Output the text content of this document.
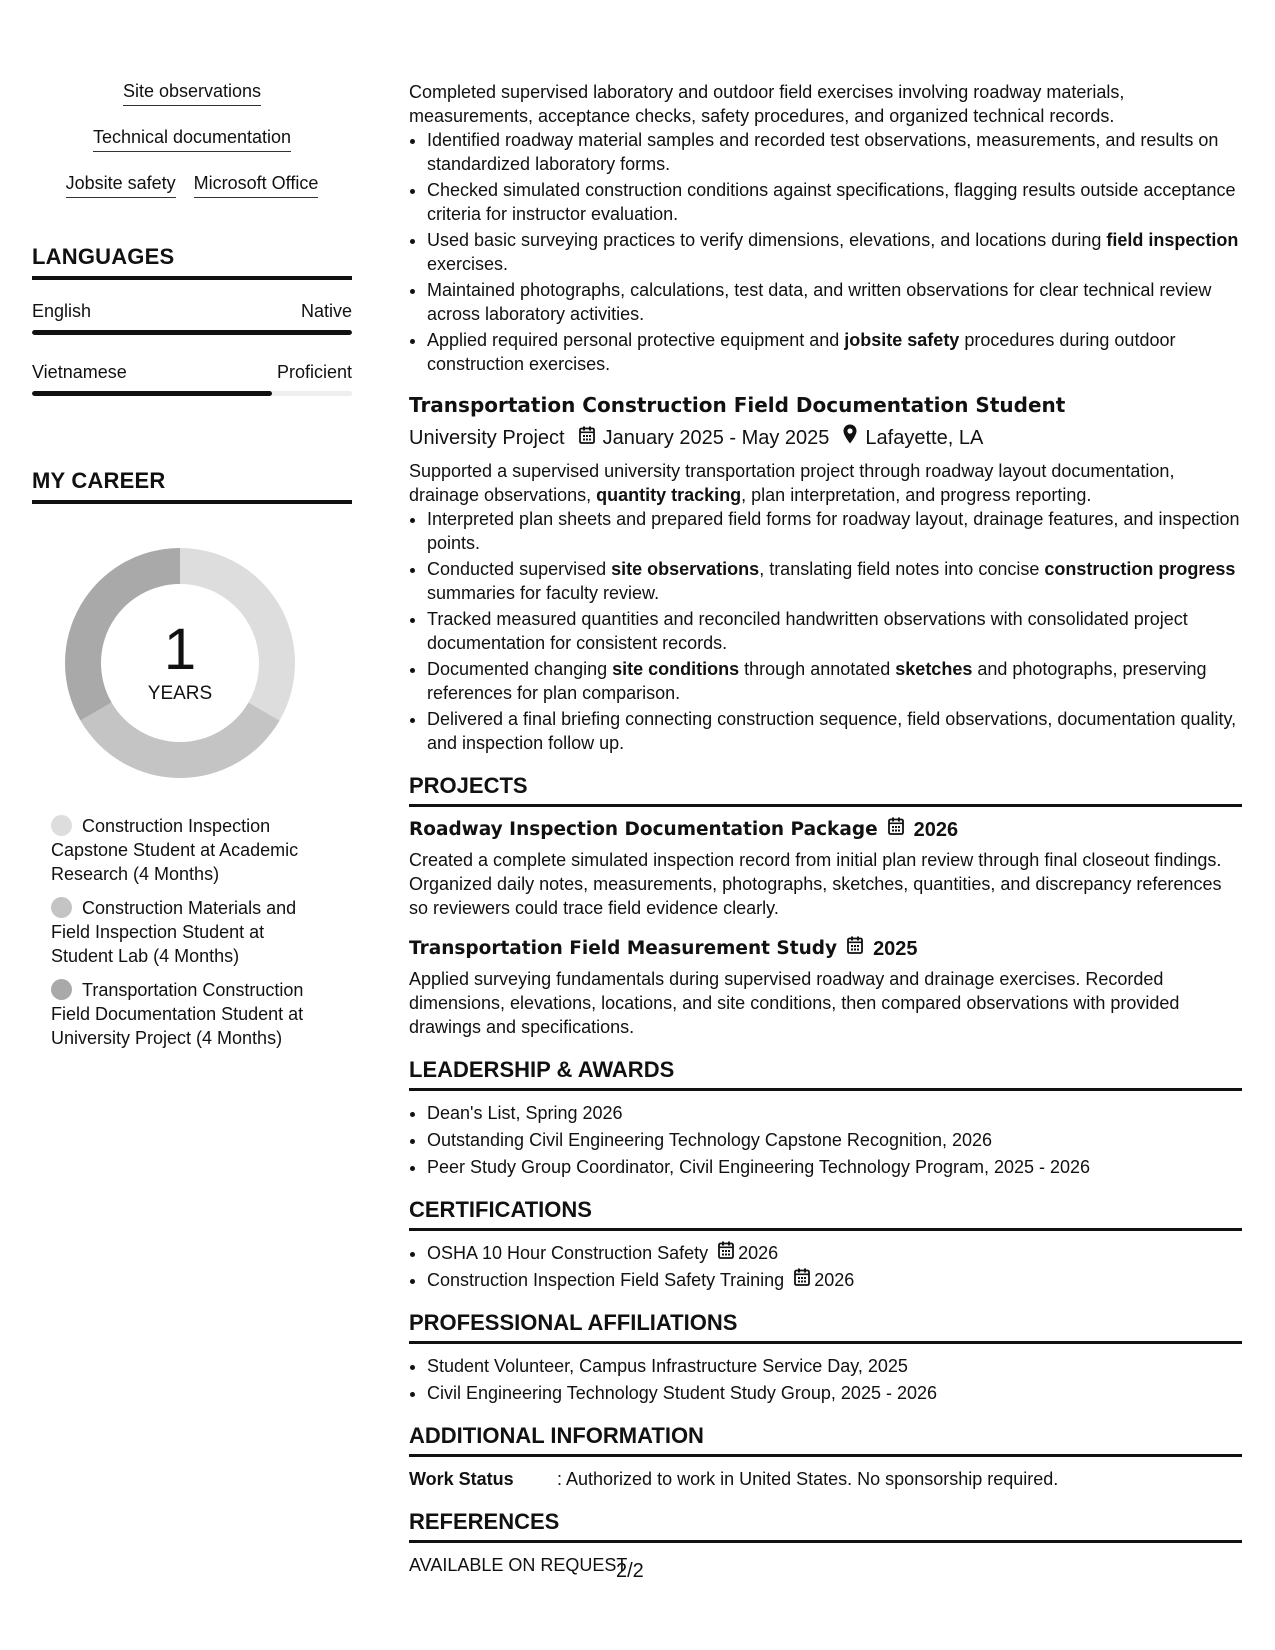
Site observations
Technical documentation
Jobsite safety Microsoft Office
LANGUAGES
English	Native
Vietnamese	Proficient
MY CAREER
1
YEARS
Construction Inspection Capstone Student at Academic Research (4 Months)
Construction Materials and Field Inspection Student at Student Lab (4 Months)
Transportation Construction Field Documentation Student at University Project (4 Months)

Completed supervised laboratory and outdoor field exercises involving roadway materials, measurements, acceptance checks, safety procedures, and organized technical records.

• Identified roadway material samples and recorded test observations, measurements, and results on standardized laboratory forms.
• Checked simulated construction conditions against specifications, flagging results outside acceptance criteria for instructor evaluation.
• Used basic surveying practices to verify dimensions, elevations, and locations during field inspection exercises.
• Maintained photographs, calculations, test data, and written observations for clear technical review across laboratory activities.
• Applied required personal protective equipment and jobsite safety procedures during outdoor construction exercises.
Transportation Construction Field Documentation Student
University Project January 2025 - May 2025 Lafayette, LA

Supported a supervised university transportation project through roadway layout documentation, drainage observations, quantity tracking, plan interpretation, and progress reporting.

• Interpreted plan sheets and prepared field forms for roadway layout, drainage features, and inspection points.
• Conducted supervised site observations, translating field notes into concise construction progress summaries for faculty review.
• Tracked measured quantities and reconciled handwritten observations with consolidated project documentation for consistent records.
• Documented changing site conditions through annotated sketches and photographs, preserving references for plan comparison.
• Delivered a final briefing connecting construction sequence, field observations, documentation quality, and inspection follow up.
PROJECTS
Roadway Inspection Documentation Package 2026

Created a complete simulated inspection record from initial plan review through final closeout findings. Organized daily notes, measurements, photographs, sketches, quantities, and discrepancy references so reviewers could trace field evidence clearly.

Transportation Field Measurement Study 2025

Applied surveying fundamentals during supervised roadway and drainage exercises. Recorded dimensions, elevations, locations, and site conditions, then compared observations with provided drawings and specifications.

LEADERSHIP & AWARDS
• Dean's List, Spring 2026
• Outstanding Civil Engineering Technology Capstone Recognition, 2026
• Peer Study Group Coordinator, Civil Engineering Technology Program, 2025 - 2026
CERTIFICATIONS
• OSHA 10 Hour Construction Safety 2026
• Construction Inspection Field Safety Training 2026
PROFESSIONAL AFFILIATIONS
• Student Volunteer, Campus Infrastructure Service Day, 2025
• Civil Engineering Technology Student Study Group, 2025 - 2026
ADDITIONAL INFORMATION
Work Status	: Authorized to work in United States. No sponsorship required.
REFERENCES
AVAILABLE ON REQUEST
2/2
